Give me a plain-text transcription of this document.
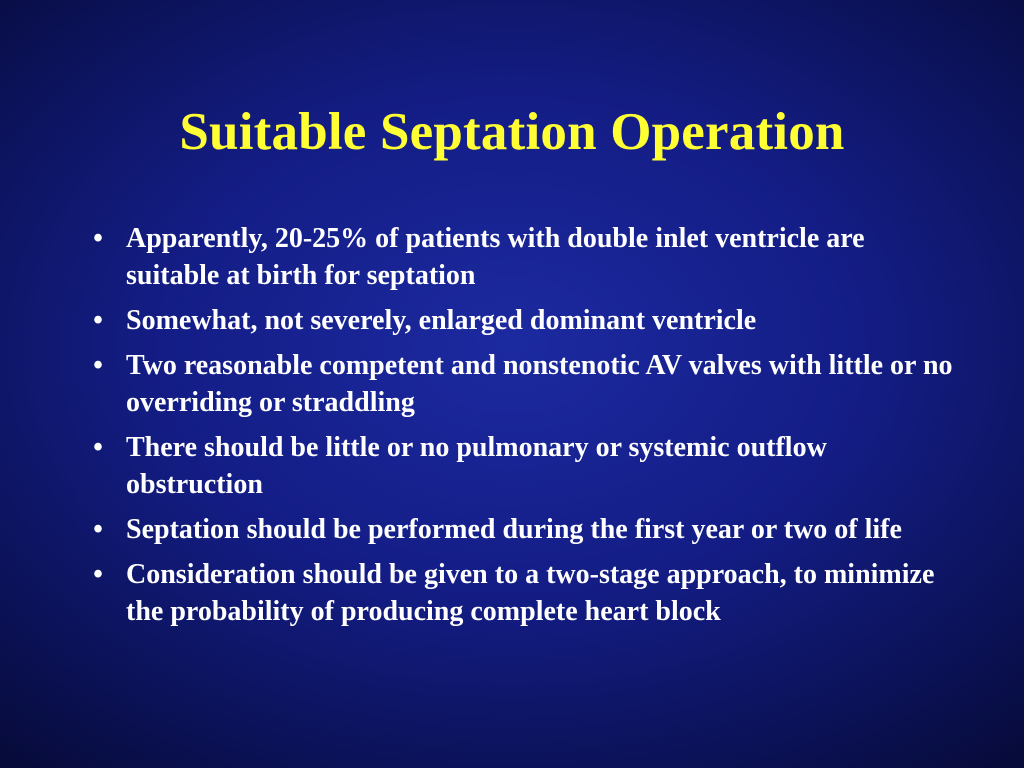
Suitable Septation Operation
• Apparently, 20-25% of patients with double inlet ventricle are suitable at birth for septation
• Somewhat, not severely, enlarged dominant ventricle
• Two reasonable competent and nonstenotic AV valves with little or no overriding or straddling
• There should be little or no pulmonary or systemic outflow obstruction
• Septation should be performed during the first year or two of life
• Consideration should be given to a two-stage approach, to minimize the probability of producing complete heart block
